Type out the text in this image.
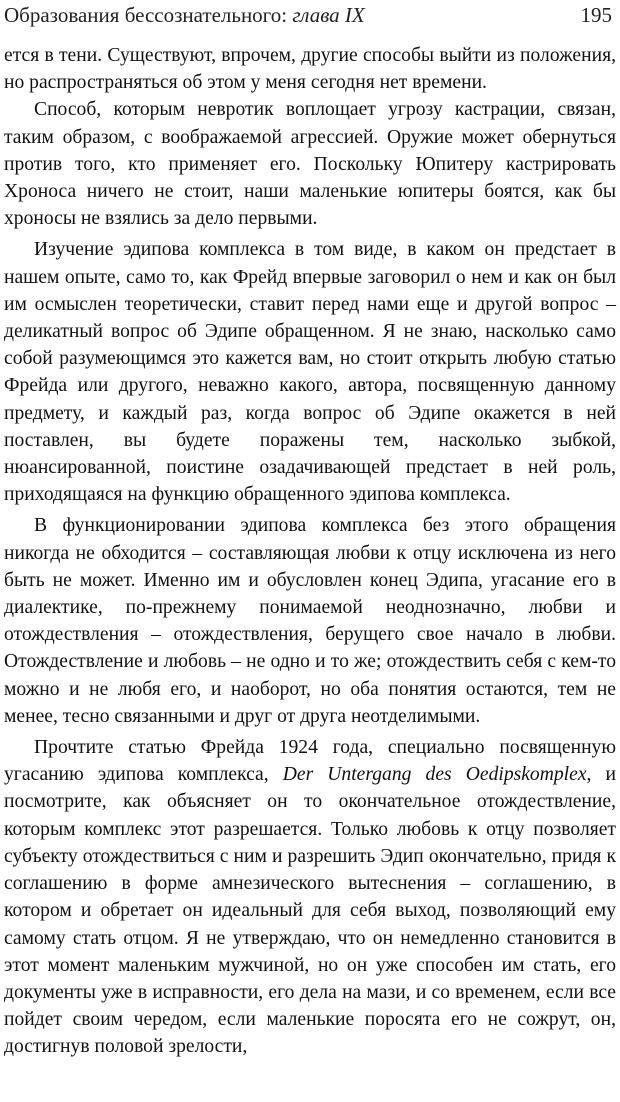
Образования бессознательного: глава IX	195

ется в тени. Существуют, впрочем, другие способы выйти из положения, но распространяться об этом у меня сегодня нет времени.

Способ, которым невротик воплощает угрозу кастрации, связан, таким образом, с воображаемой агрессией. Оружие может обернуться против того, кто применяет его. Поскольку Юпитеру кастрировать Хроноса ничего не стоит, наши маленькие юпитеры боятся, как бы хроносы не взялись за дело первыми.

Изучение эдипова комплекса в том виде, в каком он предстает в нашем опыте, само то, как Фрейд впервые заговорил о нем и как он был им осмыслен теоретически, ставит перед нами еще и другой вопрос – деликатный вопрос об Эдипе обращенном. Я не знаю, насколько само собой разумеющимся это кажется вам, но стоит открыть любую статью Фрейда или другого, неважно какого, автора, посвященную данному предмету, и каждый раз, когда вопрос об Эдипе окажется в ней поставлен, вы будете поражены тем, насколько зыбкой, нюансированной, поистине озадачивающей предстает в ней роль, приходящаяся на функцию обращенного эдипова комплекса.

В функционировании эдипова комплекса без этого обращения никогда не обходится – составляющая любви к отцу исключена из него быть не может. Именно им и обусловлен конец Эдипа, угасание его в диалектике, по-прежнему понимаемой неоднозначно, любви и отождествления – отождествления, берущего свое начало в любви. Отождествление и любовь – не одно и то же; отождествить себя с кем-то можно и не любя его, и наоборот, но оба понятия остаются, тем не менее, тесно связанными и друг от друга неотделимыми.

Прочтите статью Фрейда 1924 года, специально посвященную угасанию эдипова комплекса, Der Untergang des Oedipskomplex, и посмотрите, как объясняет он то окончательное отождествление, которым комплекс этот разрешается. Только любовь к отцу позволяет субъекту отождествиться с ним и разрешить Эдип окончательно, придя к соглашению в форме амнезического вытеснения – соглашению, в котором и обретает он идеальный для себя выход, позволяющий ему самому стать отцом. Я не утверждаю, что он немедленно становится в этот момент маленьким мужчиной, но он уже способен им стать, его документы уже в исправности, его дела на мази, и со временем, если все пойдет своим чередом, если маленькие поросята его не сожрут, он, достигнув половой зрелости,
